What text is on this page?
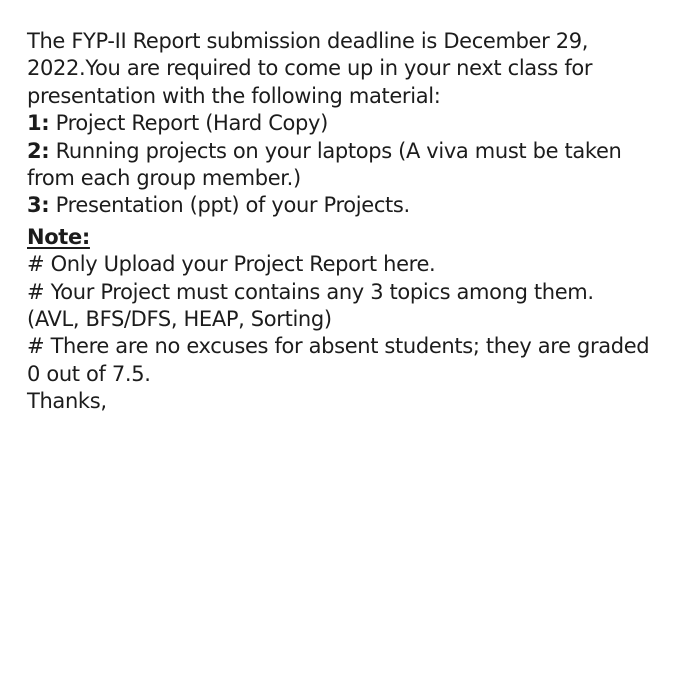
The FYP-II Report submission deadline is December 29,
2022.You are required to come up in your next class for
presentation with the following material:
1: Project Report (Hard Copy)
2: Running projects on your laptops (A viva must be taken
from each group member.)
3: Presentation (ppt) of your Projects.
Note:
# Only Upload your Project Report here.
# Your Project must contains any 3 topics among them.
(AVL, BFS/DFS, HEAP, Sorting)
# There are no excuses for absent students; they are graded
0 out of 7.5.
Thanks,
